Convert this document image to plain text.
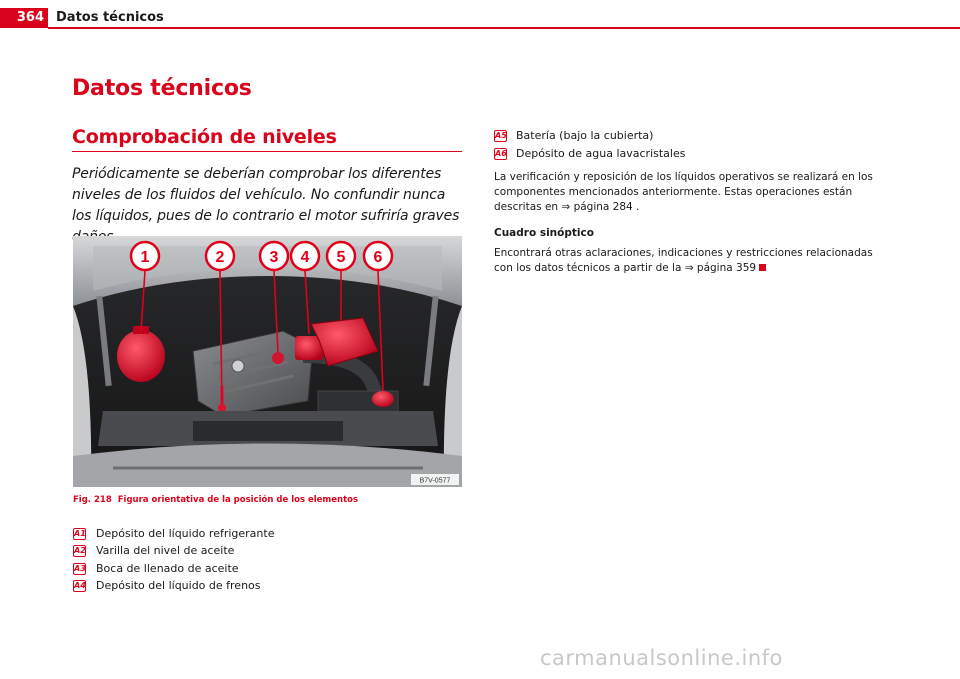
364 Datos técnicos
Datos técnicos
Comprobación de niveles
Periódicamente se deberían comprobar los diferentes niveles de los fluidos del vehículo. No confundir nunca los líquidos, pues de lo contrario el motor sufriría graves
1	2	3 4 5 6
B7V-0577
Fig. 218 Figura orientativa de la posición de los elementos
A1 Depósito del líquido refrigerante
A2 Varilla del nivel de aceite
A3 Boca de llenado de aceite
A4 Depósito del líquido de frenos
A5 Batería (bajo la cubierta)
A6 Depósito de agua lavacristales
La verificación y reposición de los líquidos operativos se realizará en los componentes mencionados anteriormente. Estas operaciones están descritas en ⇒ página 284 .
Cuadro sinóptico
Encontrará otras aclaraciones, indicaciones y restricciones relacionadas con los datos técnicos a partir de la ⇒ página 359
carmanualsonline.info
